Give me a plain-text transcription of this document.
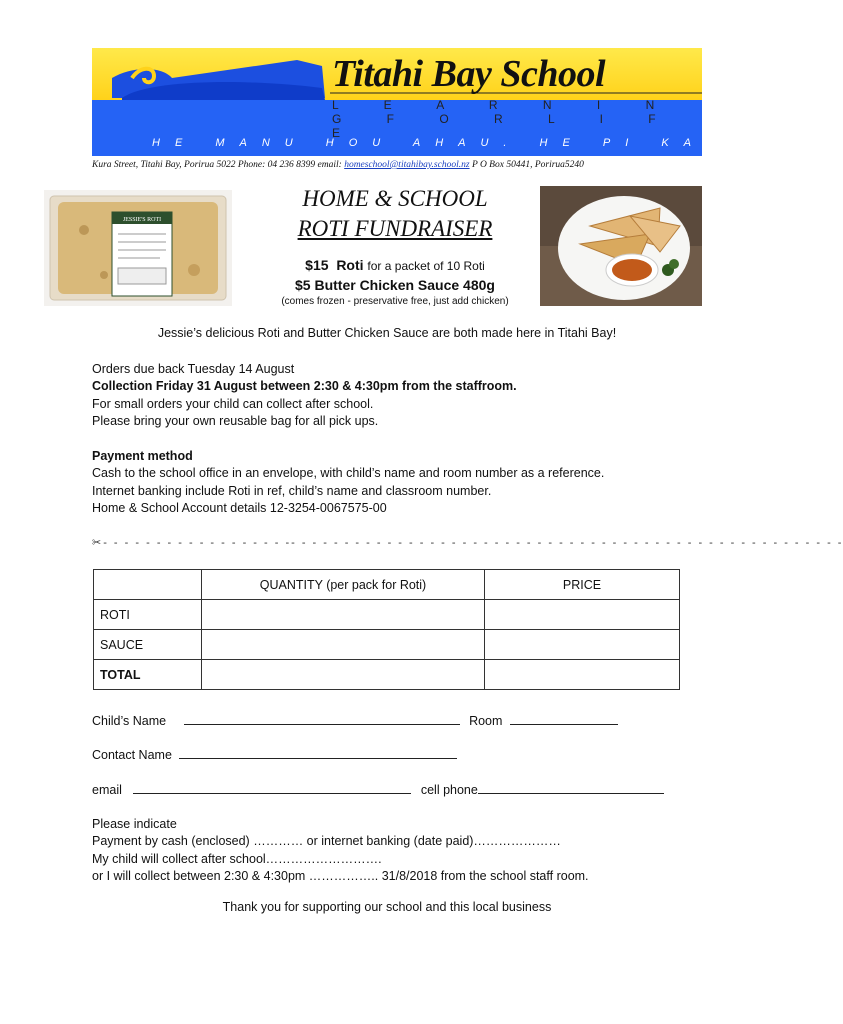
Titahi Bay School
L E A R N I N G F O R L I F E
HE MANU HOU AHAU. HE PI KA RERE
Kura Street, Titahi Bay, Porirua 5022 Phone: 04 236 8399 email: homeschool@titahibay.school.nz P O Box 50441, Porirua5240
JESSIE'S ROTI
HOME & SCHOOL
ROTI FUNDRAISER
$15 Roti for a packet of 10 Roti
$5 Butter Chicken Sauce 480g
(comes frozen - preservative free, just add chicken)
Jessie’s delicious Roti and Butter Chicken Sauce are both made here in Titahi Bay!
Orders due back Tuesday 14 August
Collection Friday 31 August between 2:30 & 4:30pm from the staffroom.
For small orders your child can collect after school.
Please bring your own reusable bag for all pick ups.
Payment method
Cash to the school office in an envelope, with child’s name and room number as a reference.
Internet banking include Roti in ref, child’s name and classroom number.
Home & School Account details 12-3254-0067575-00
✂- - - - - - - - - - - - - - - - - -- - - - - - - - - - - - - - - - - - - - - - - - - - - - - - - - - - - - - - - - - - - - - - - - - - - -
	QUANTITY (per pack for Roti)	PRICE
ROTI		
SAUCE		
TOTAL		
Child’s Name	Room
Contact Name
email	cell phone
Please indicate
Payment by cash (enclosed) ………… or internet banking (date paid)…………………
My child will collect after school……………………….
or I will collect between 2:30 & 4:30pm …………….. 31/8/2018 from the school staff room.
Thank you for supporting our school and this local business
